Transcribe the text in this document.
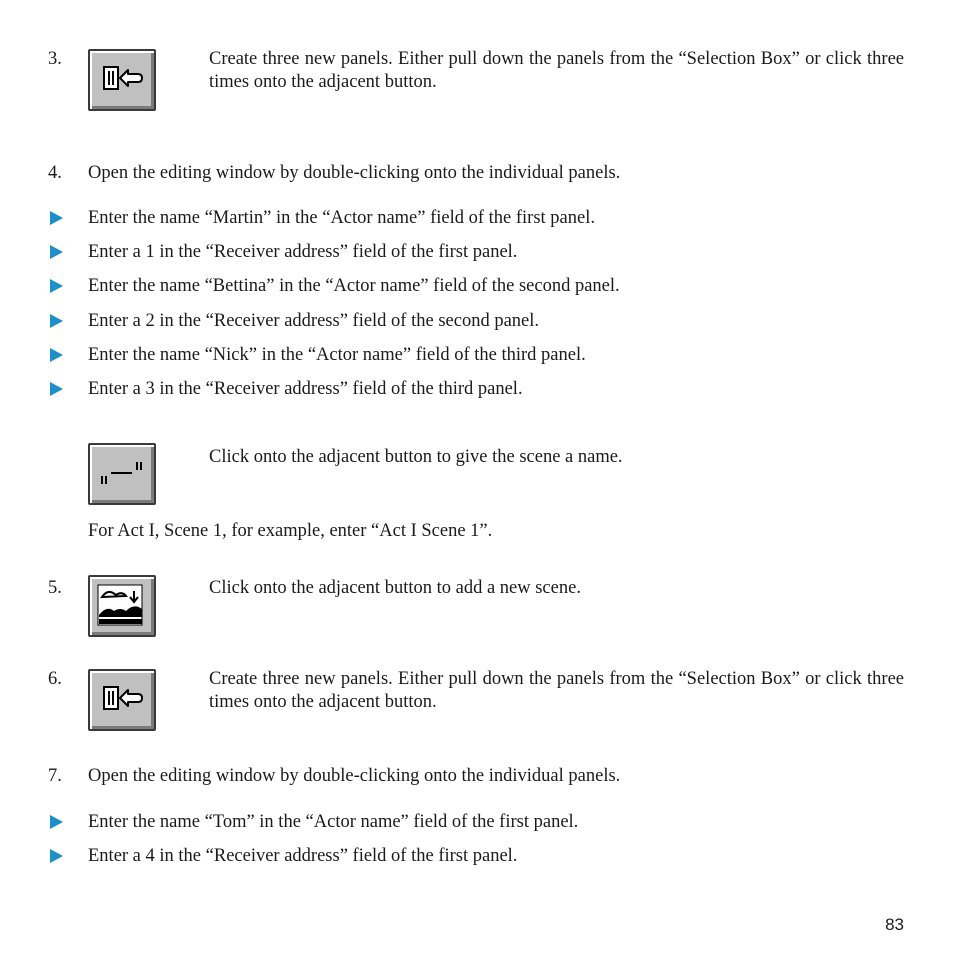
3.	Create three new panels. Either pull down the panels from the “Selection Box” or click three times onto the adjacent button.
4. Open the editing window by double-clicking onto the individual panels.
Enter the name “Martin” in the “Actor name” field of the first panel.
Enter a 1 in the “Receiver address” field of the first panel.
Enter the name “Bettina” in the “Actor name” field of the second panel.
Enter a 2 in the “Receiver address” field of the second panel.
Enter the name “Nick” in the “Actor name” field of the third panel.
Enter a 3 in the “Receiver address” field of the third panel.
Click onto the adjacent button to give the scene a name.
For Act I, Scene 1, for example, enter “Act I Scene 1”.
5.	Click onto the adjacent button to add a new scene.
6.	Create three new panels. Either pull down the panels from the “Selection Box” or click three times onto the adjacent button.
7. Open the editing window by double-clicking onto the individual panels.
Enter the name “Tom” in the “Actor name” field of the first panel.
Enter a 4 in the “Receiver address” field of the first panel.
83
